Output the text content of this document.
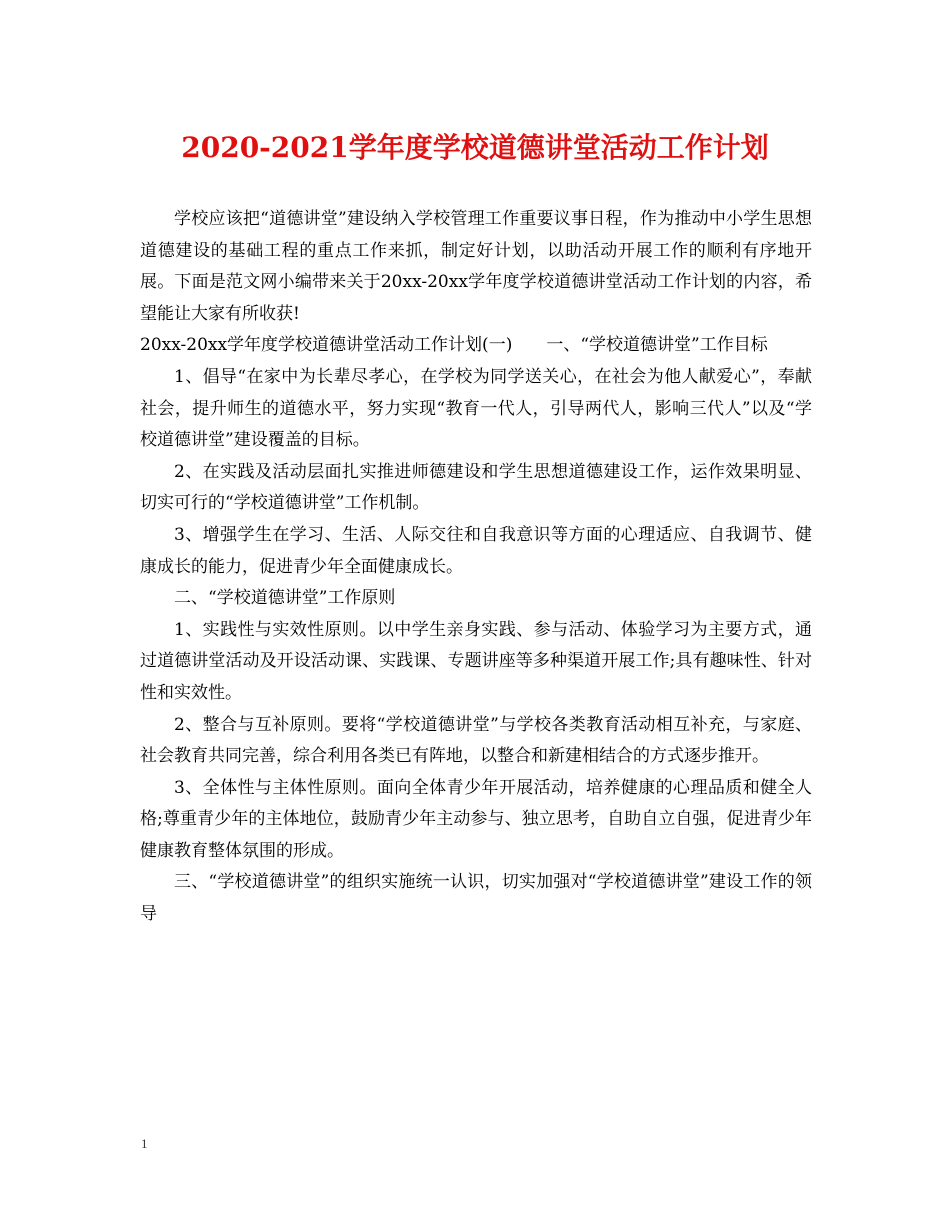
2020-2021学年度学校道德讲堂活动工作计划

学校应该把“道德讲堂”建设纳入学校管理工作重要议事日程，作为推动中小学生思想道德建设的基础工程的重点工作来抓，制定好计划，以助活动开展工作的顺利有序地开展。下面是范文网小编带来关于20xx-20xx学年度学校道德讲堂活动工作计划的内容，希望能让大家有所收获!

20xx-20xx学年度学校道德讲堂活动工作计划(一)　　一、“学校道德讲堂”工作目标

1、倡导“在家中为长辈尽孝心，在学校为同学送关心，在社会为他人献爱心”，奉献社会，提升师生的道德水平，努力实现“教育一代人，引导两代人，影响三代人”以及“学校道德讲堂”建设覆盖的目标。

2、在实践及活动层面扎实推进师德建设和学生思想道德建设工作，运作效果明显、切实可行的“学校道德讲堂”工作机制。

3、增强学生在学习、生活、人际交往和自我意识等方面的心理适应、自我调节、健康成长的能力，促进青少年全面健康成长。

二、“学校道德讲堂”工作原则

1、实践性与实效性原则。以中学生亲身实践、参与活动、体验学习为主要方式，通过道德讲堂活动及开设活动课、实践课、专题讲座等多种渠道开展工作;具有趣味性、针对性和实效性。

2、整合与互补原则。要将“学校道德讲堂”与学校各类教育活动相互补充，与家庭、社会教育共同完善，综合利用各类已有阵地，以整合和新建相结合的方式逐步推开。

3、全体性与主体性原则。面向全体青少年开展活动，培养健康的心理品质和健全人格;尊重青少年的主体地位，鼓励青少年主动参与、独立思考，自助自立自强，促进青少年健康教育整体氛围的形成。

三、“学校道德讲堂”的组织实施统一认识，切实加强对“学校道德讲堂”建设工作的领导

1
